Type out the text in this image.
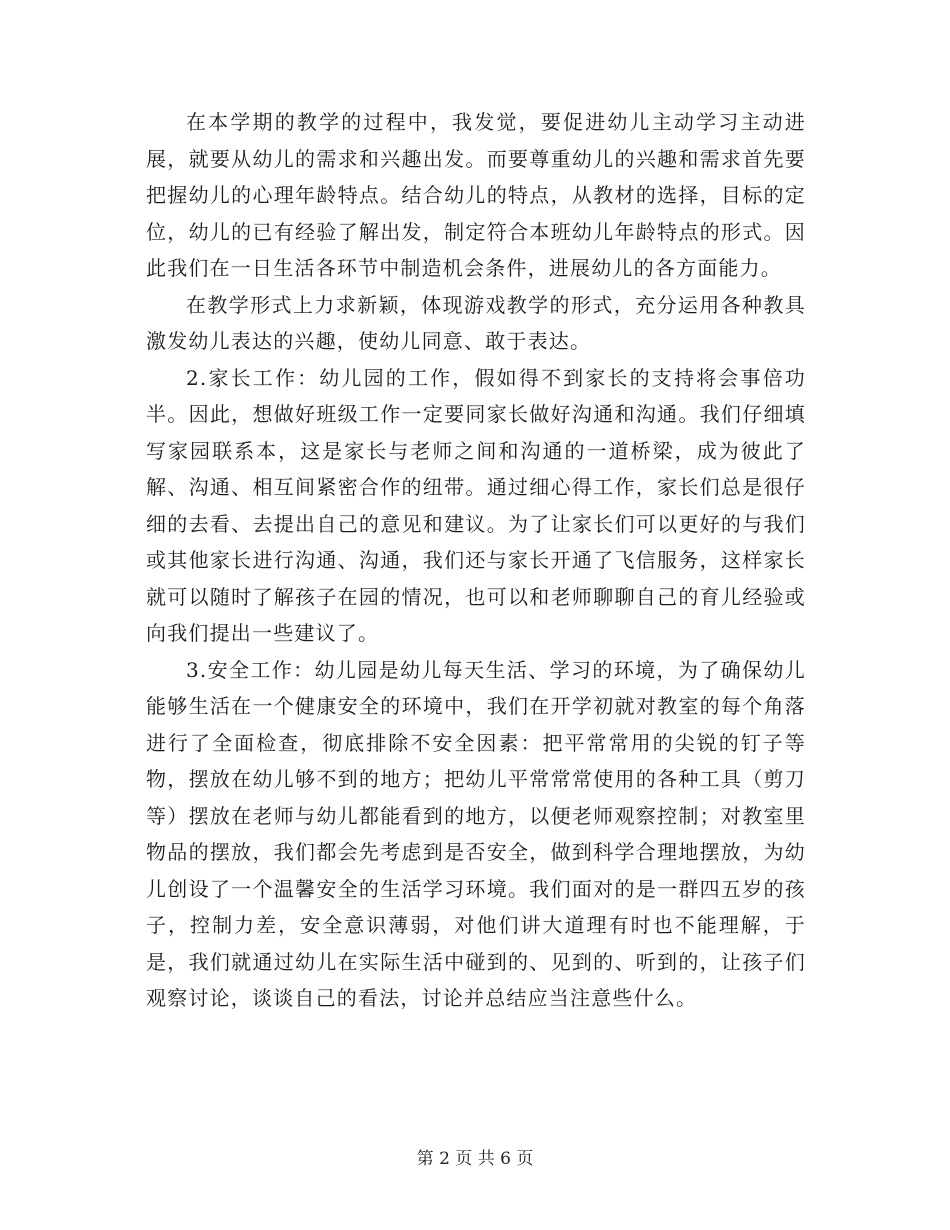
在本学期的教学的过程中，我发觉，要促进幼儿主动学习主动进展，就要从幼儿的需求和兴趣出发。而要尊重幼儿的兴趣和需求首先要把握幼儿的心理年龄特点。结合幼儿的特点，从教材的选择，目标的定位，幼儿的已有经验了解出发，制定符合本班幼儿年龄特点的形式。因此我们在一日生活各环节中制造机会条件，进展幼儿的各方面能力。

在教学形式上力求新颖，体现游戏教学的形式，充分运用各种教具激发幼儿表达的兴趣，使幼儿同意、敢于表达。

2.家长工作：幼儿园的工作，假如得不到家长的支持将会事倍功半。因此，想做好班级工作一定要同家长做好沟通和沟通。我们仔细填写家园联系本，这是家长与老师之间和沟通的一道桥梁，成为彼此了解、沟通、相互间紧密合作的纽带。通过细心得工作，家长们总是很仔细的去看、去提出自己的意见和建议。为了让家长们可以更好的与我们或其他家长进行沟通、沟通，我们还与家长开通了飞信服务，这样家长就可以随时了解孩子在园的情况，也可以和老师聊聊自己的育儿经验或向我们提出一些建议了。

3.安全工作：幼儿园是幼儿每天生活、学习的环境，为了确保幼儿能够生活在一个健康安全的环境中，我们在开学初就对教室的每个角落进行了全面检查，彻底排除不安全因素：把平常常用的尖锐的钉子等物，摆放在幼儿够不到的地方；把幼儿平常常常使用的各种工具（剪刀等）摆放在老师与幼儿都能看到的地方，以便老师观察控制；对教室里物品的摆放，我们都会先考虑到是否安全，做到科学合理地摆放，为幼儿创设了一个温馨安全的生活学习环境。我们面对的是一群四五岁的孩子，控制力差，安全意识薄弱，对他们讲大道理有时也不能理解，于是，我们就通过幼儿在实际生活中碰到的、见到的、听到的，让孩子们观察讨论，谈谈自己的看法，讨论并总结应当注意些什么。

第 2 页 共 6 页
